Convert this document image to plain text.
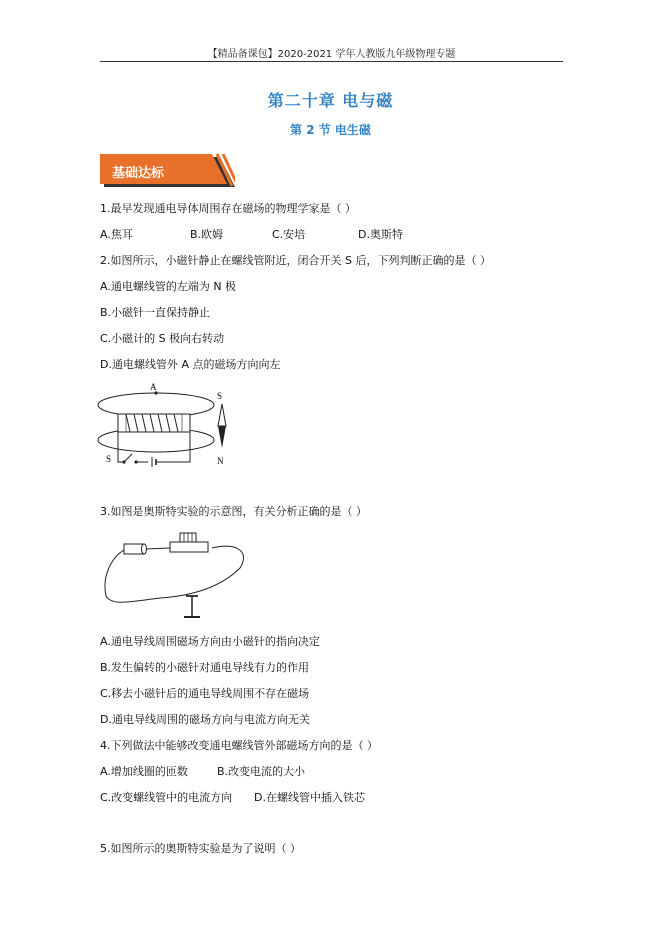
【精品备课包】2020-2021 学年人教版九年级物理专题
第二十章 电与磁
第 2 节 电生磁
基础达标
1.最早发现通电导体周围存在磁场的物理学家是（ ）
A.焦耳	B.欧姆	C.安培	D.奥斯特
2.如图所示，小磁针静止在螺线管附近，闭合开关 S 后，下列判断正确的是（ ）
A.通电螺线管的左端为 N 极
B.小磁针一直保持静止
C.小磁计的 S 极向右转动
D.通电螺线管外 A 点的磁场方向向左
A
S
S
N
3.如图是奥斯特实验的示意图，有关分析正确的是（ ）
A.通电导线周围磁场方向由小磁针的指向决定
B.发生偏转的小磁针对通电导线有力的作用
C.移去小磁针后的通电导线周围不存在磁场
D.通电导线周围的磁场方向与电流方向无关
4.下列做法中能够改变通电螺线管外部磁场方向的是（ ）
A.增加线圈的匝数	B.改变电流的大小
C.改变螺线管中的电流方向 D.在螺线管中插入铁芯
5.如图所示的奥斯特实验是为了说明（ ）
